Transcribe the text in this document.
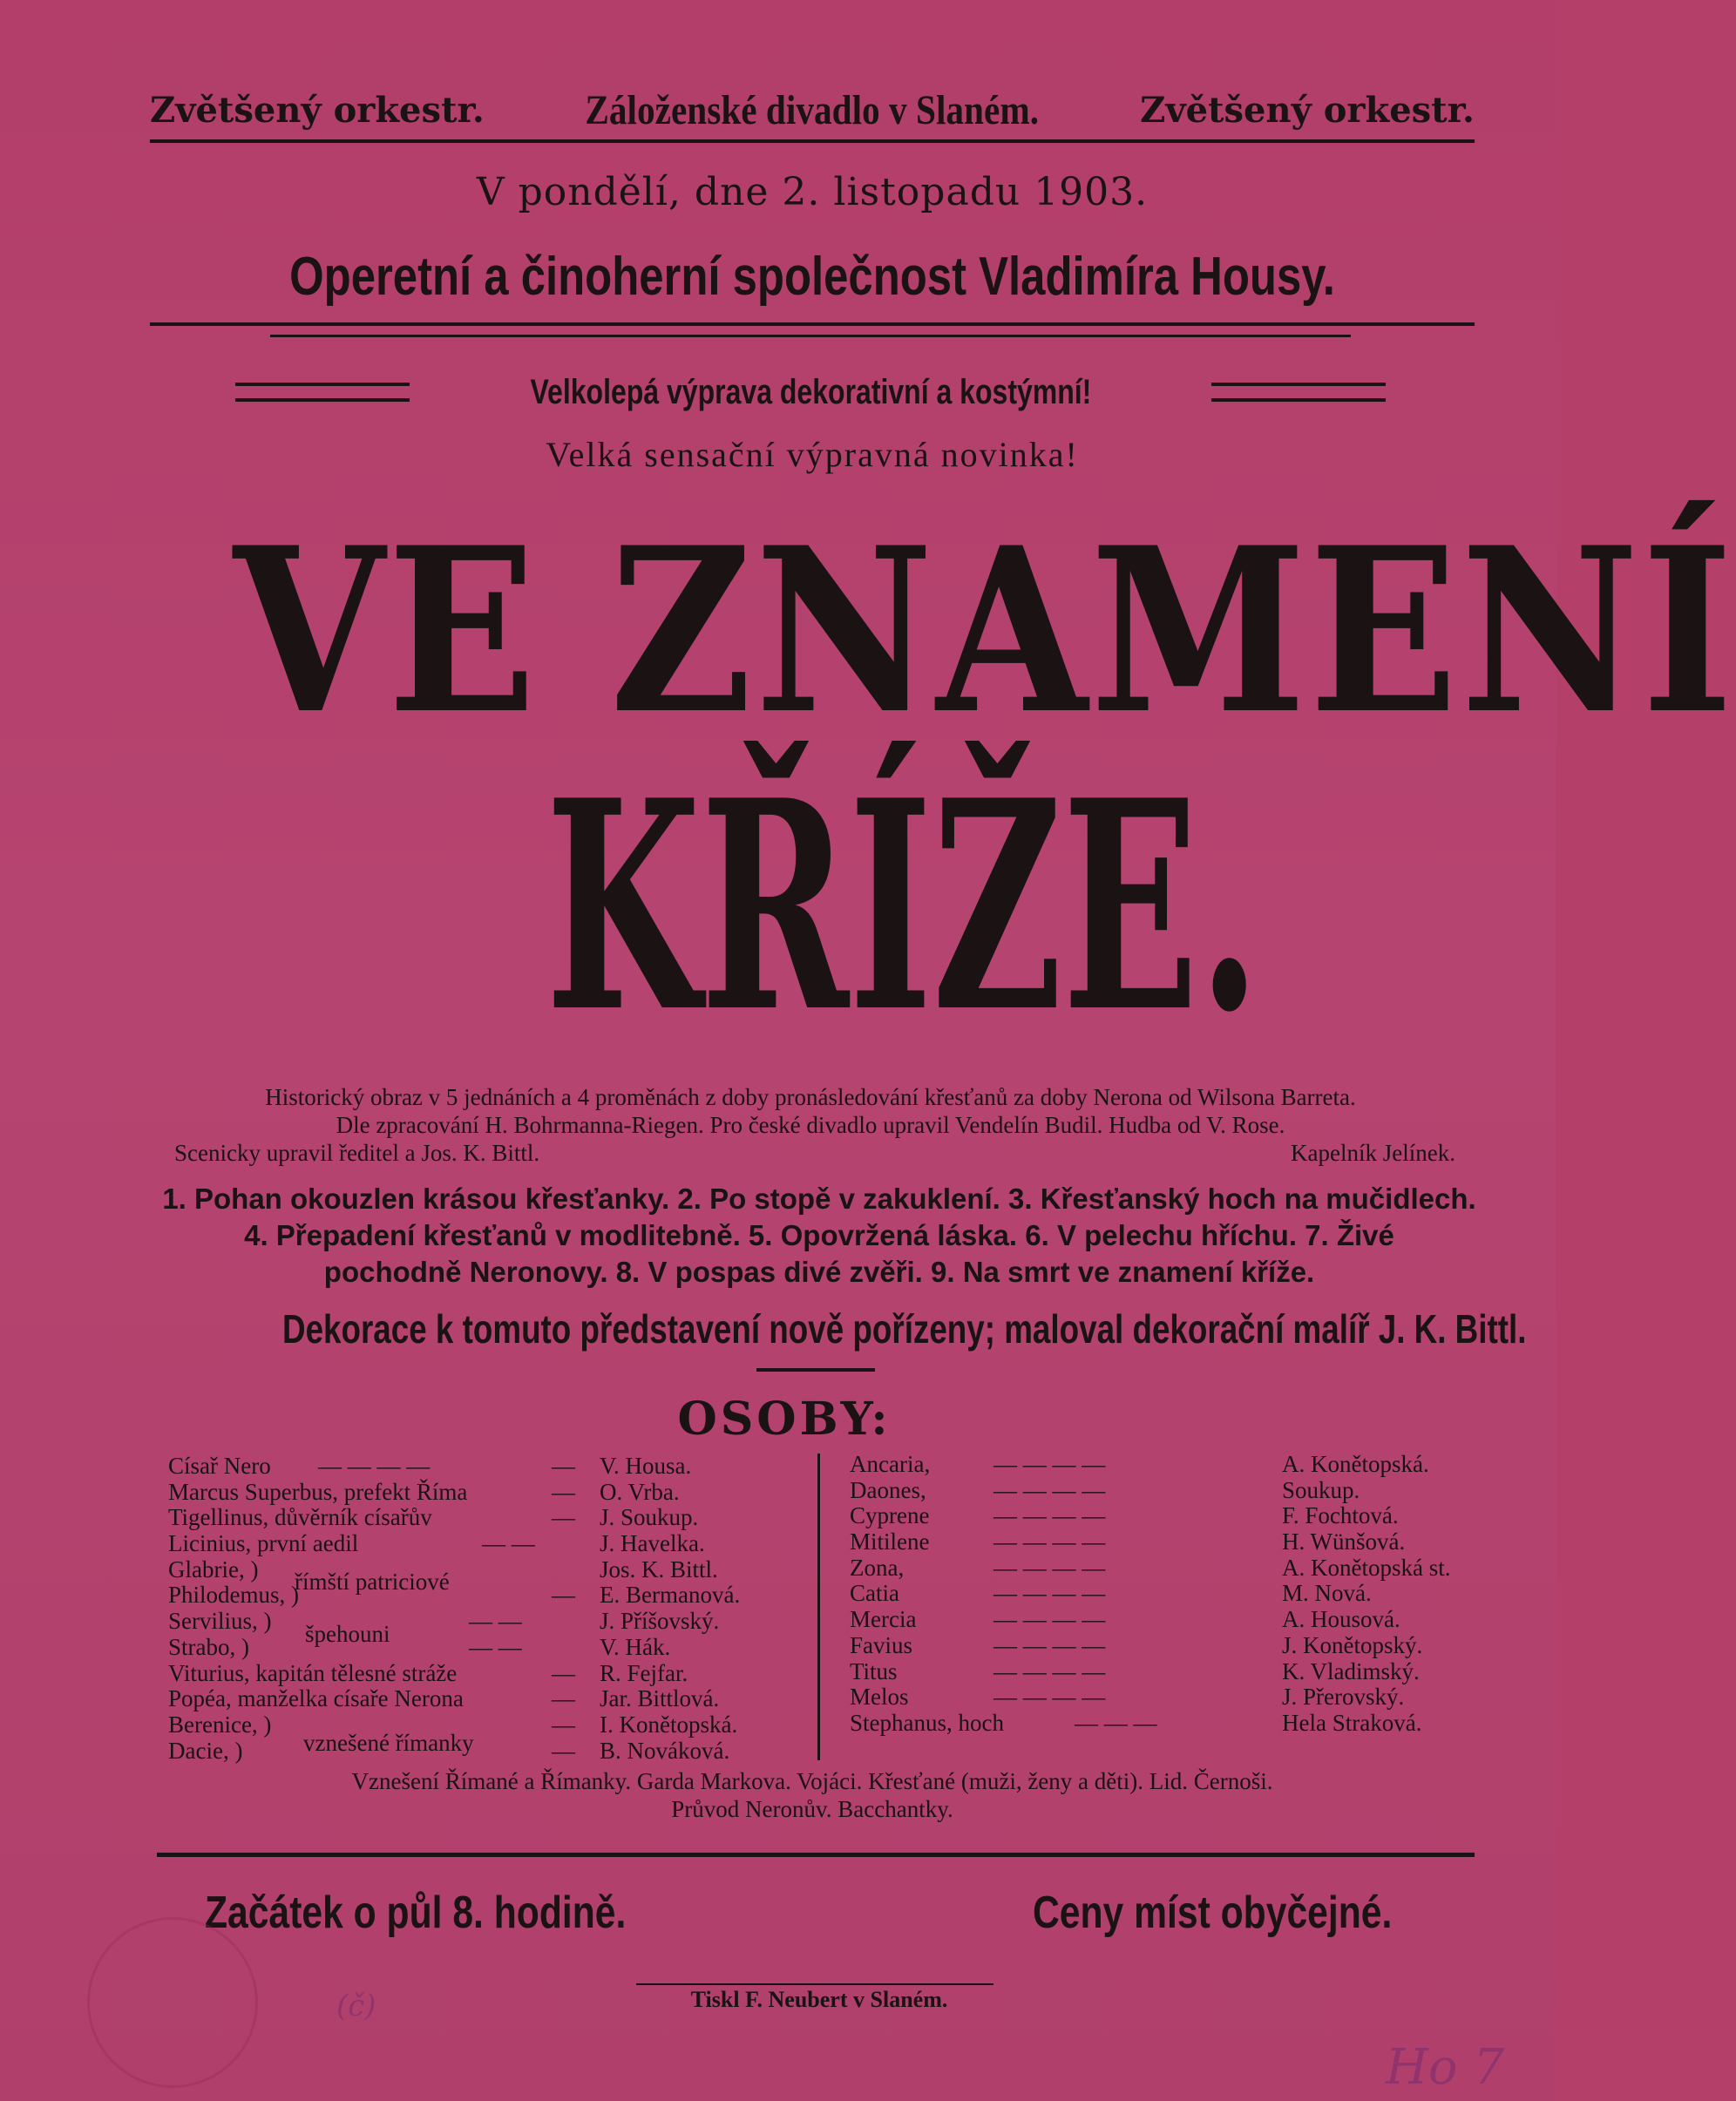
Zvětšený orkestr. Záloženské divadlo v Slaném.	Zvětšený orkestr.
V pondělí, dne 2. listopadu 1903.
Operetní a činoherní společnost Vladimíra Housy.
Velkolepá výprava dekorativní a kostýmní!
Velká sensační výpravná novinka!
VE ZNAMENÍ
KŘÍŽE.
Historický obraz v 5 jednáních a 4 proměnách z doby pronásledování křesťanů za doby Nerona od Wilsona Barreta.
Dle zpracování H. Bohrmanna-Riegen. Pro české divadlo upravil Vendelín Budil. Hudba od V. Rose.
Scenicky upravil ředitel a Jos. K. Bittl.	Kapelník Jelínek.
1. Pohan okouzlen krásou křesťanky. 2. Po stopě v zakuklení. 3. Křesťanský hoch na mučidlech.
4. Přepadení křesťanů v modlitebně. 5. Opovržená láska. 6. V pelechu hříchu. 7. Živé
pochodně Neronovy. 8. V pospas divé zvěři. 9. Na smrt ve znamení kříže.
Dekorace k tomuto představení nově pořízeny; maloval dekorační malíř J. K. Bittl.
OSOBY:
Císař Nero — — — —	— V. Housa.
Marcus Superbus, prefekt Říma	— O. Vrba.
Tigellinus, důvěrník císařův	— J. Soukup.
Licinius, první aedil	— —	J. Havelka.
Glabrie, )	Jos. K. Bittl.
Philodemus, )	— E. Bermanová.
Servilius, )	— —	J. Příšovský.
Strabo, )	— —	V. Hák.
Viturius, kapitán tělesné stráže	— R. Fejfar.
Popéa, manželka císaře Nerona	— Jar. Bittlová.
Berenice, )	— I. Konětopská.
Dacie, )	— B. Nováková.
římští patriciové
špehouni
vznešené římanky
Ancaria,	— — — —	A. Konětopská.
Daones,	— — — —	Soukup.
Cyprene	— — — —	F. Fochtová.
Mitilene	— — — —	H. Wünšová.
Zona,	— — — —	A. Konětopská st.
Catia	— — — —	M. Nová.
Mercia	— — — —	A. Housová.
Favius	— — — —	J. Konětopský.
Titus	— — — —	K. Vladimský.
Melos	— — — —	J. Přerovský.
Stephanus, hoch	— — —	Hela Straková.
Vznešení Římané a Římanky. Garda Markova. Vojáci. Křesťané (muži, ženy a děti). Lid. Černoši.
Průvod Neronův. Bacchantky.
Začátek o půl 8. hodině.	Ceny míst obyčejné.
Tiskl F. Neubert v Slaném.
Ho 7
(č)
